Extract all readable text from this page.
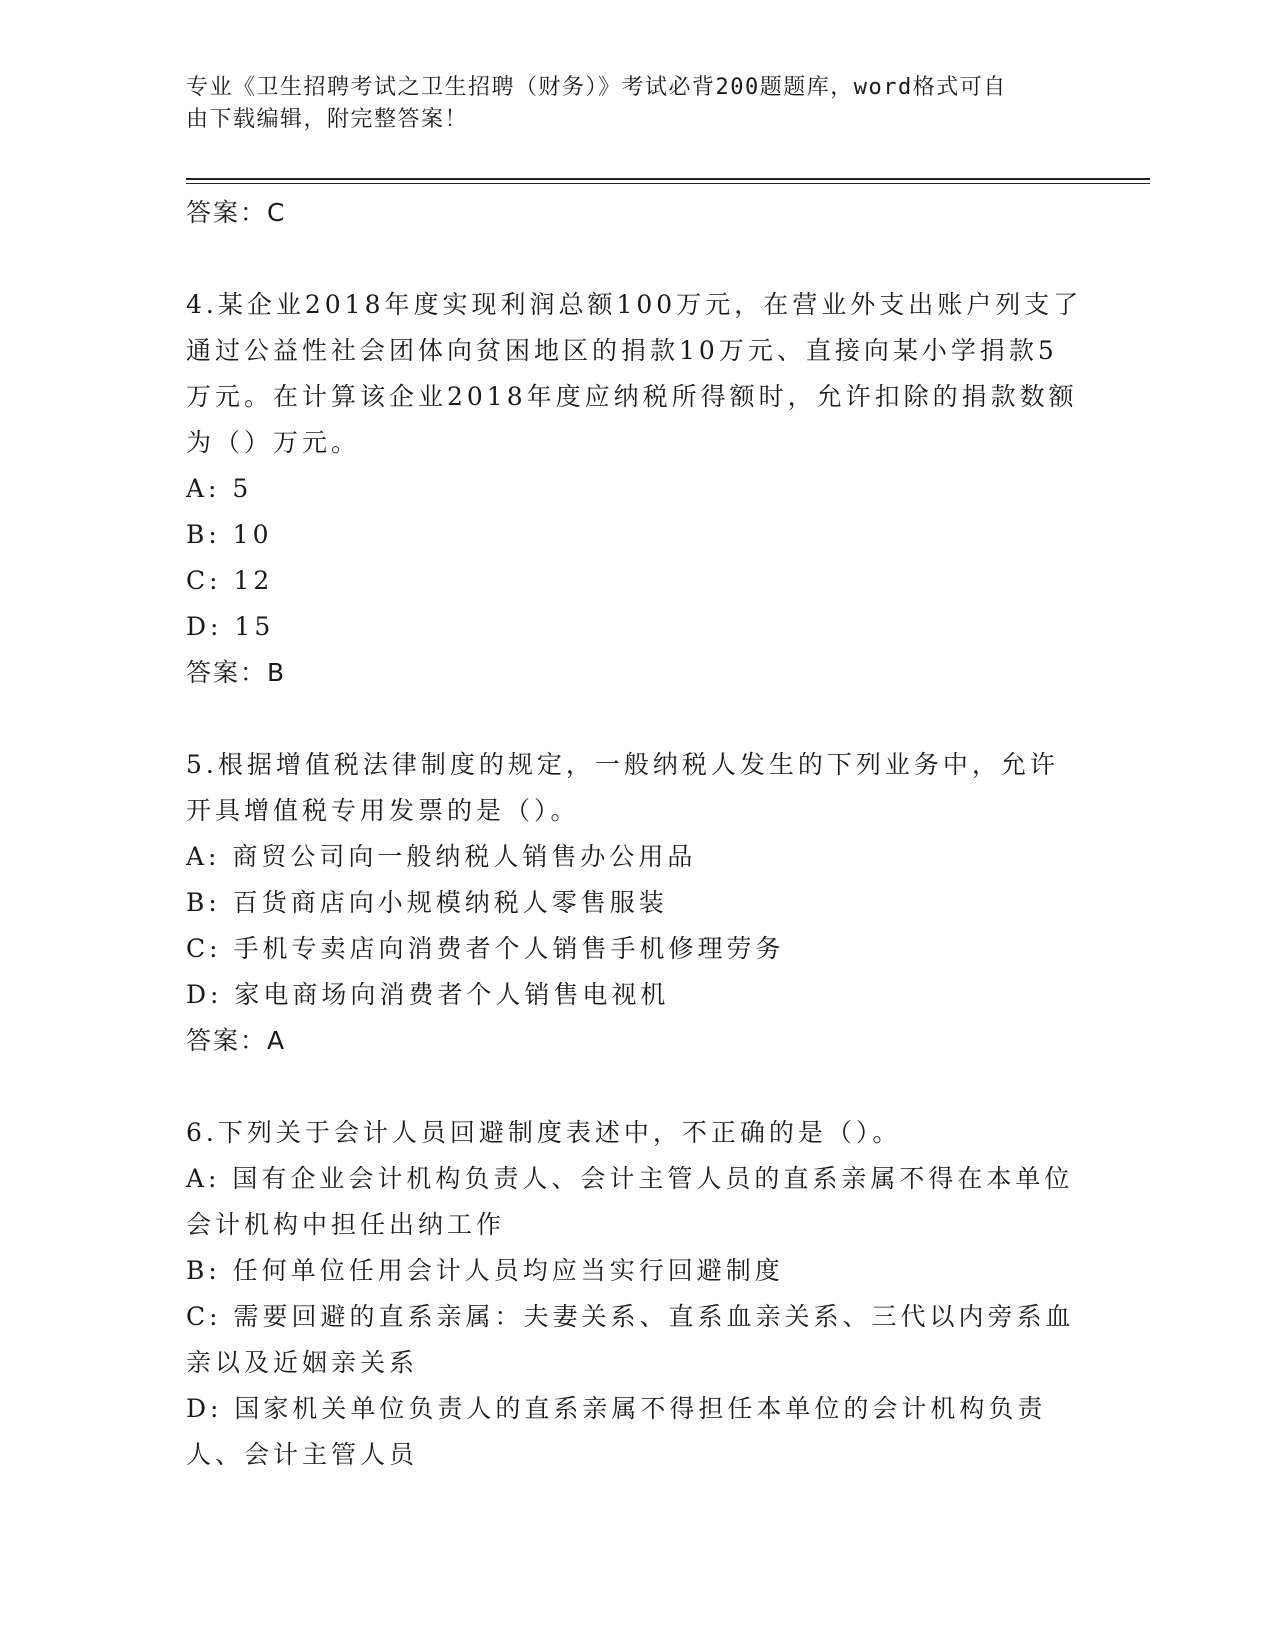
专业《卫生招聘考试之卫生招聘（财务）》考试必背200题题库，word格式可自
由下载编辑，附完整答案！
答案：C
4.某企业2018年度实现利润总额100万元，在营业外支出账户列支了通过公益性社会团体向贫困地区的捐款10万元、直接向某小学捐款5万元。在计算该企业2018年度应纳税所得额时，允许扣除的捐款数额为（）万元。
A: 5
B: 10
C: 12
D: 15
答案：B
5.根据增值税法律制度的规定，一般纳税人发生的下列业务中，允许开具增值税专用发票的是（）。
A: 商贸公司向一般纳税人销售办公用品
B: 百货商店向小规模纳税人零售服装
C: 手机专卖店向消费者个人销售手机修理劳务
D: 家电商场向消费者个人销售电视机
答案：A
6.下列关于会计人员回避制度表述中，不正确的是（）。
A: 国有企业会计机构负责人、会计主管人员的直系亲属不得在本单位会计机构中担任出纳工作
B: 任何单位任用会计人员均应当实行回避制度
C: 需要回避的直系亲属：夫妻关系、直系血亲关系、三代以内旁系血亲以及近姻亲关系
D: 国家机关单位负责人的直系亲属不得担任本单位的会计机构负责人、会计主管人员
